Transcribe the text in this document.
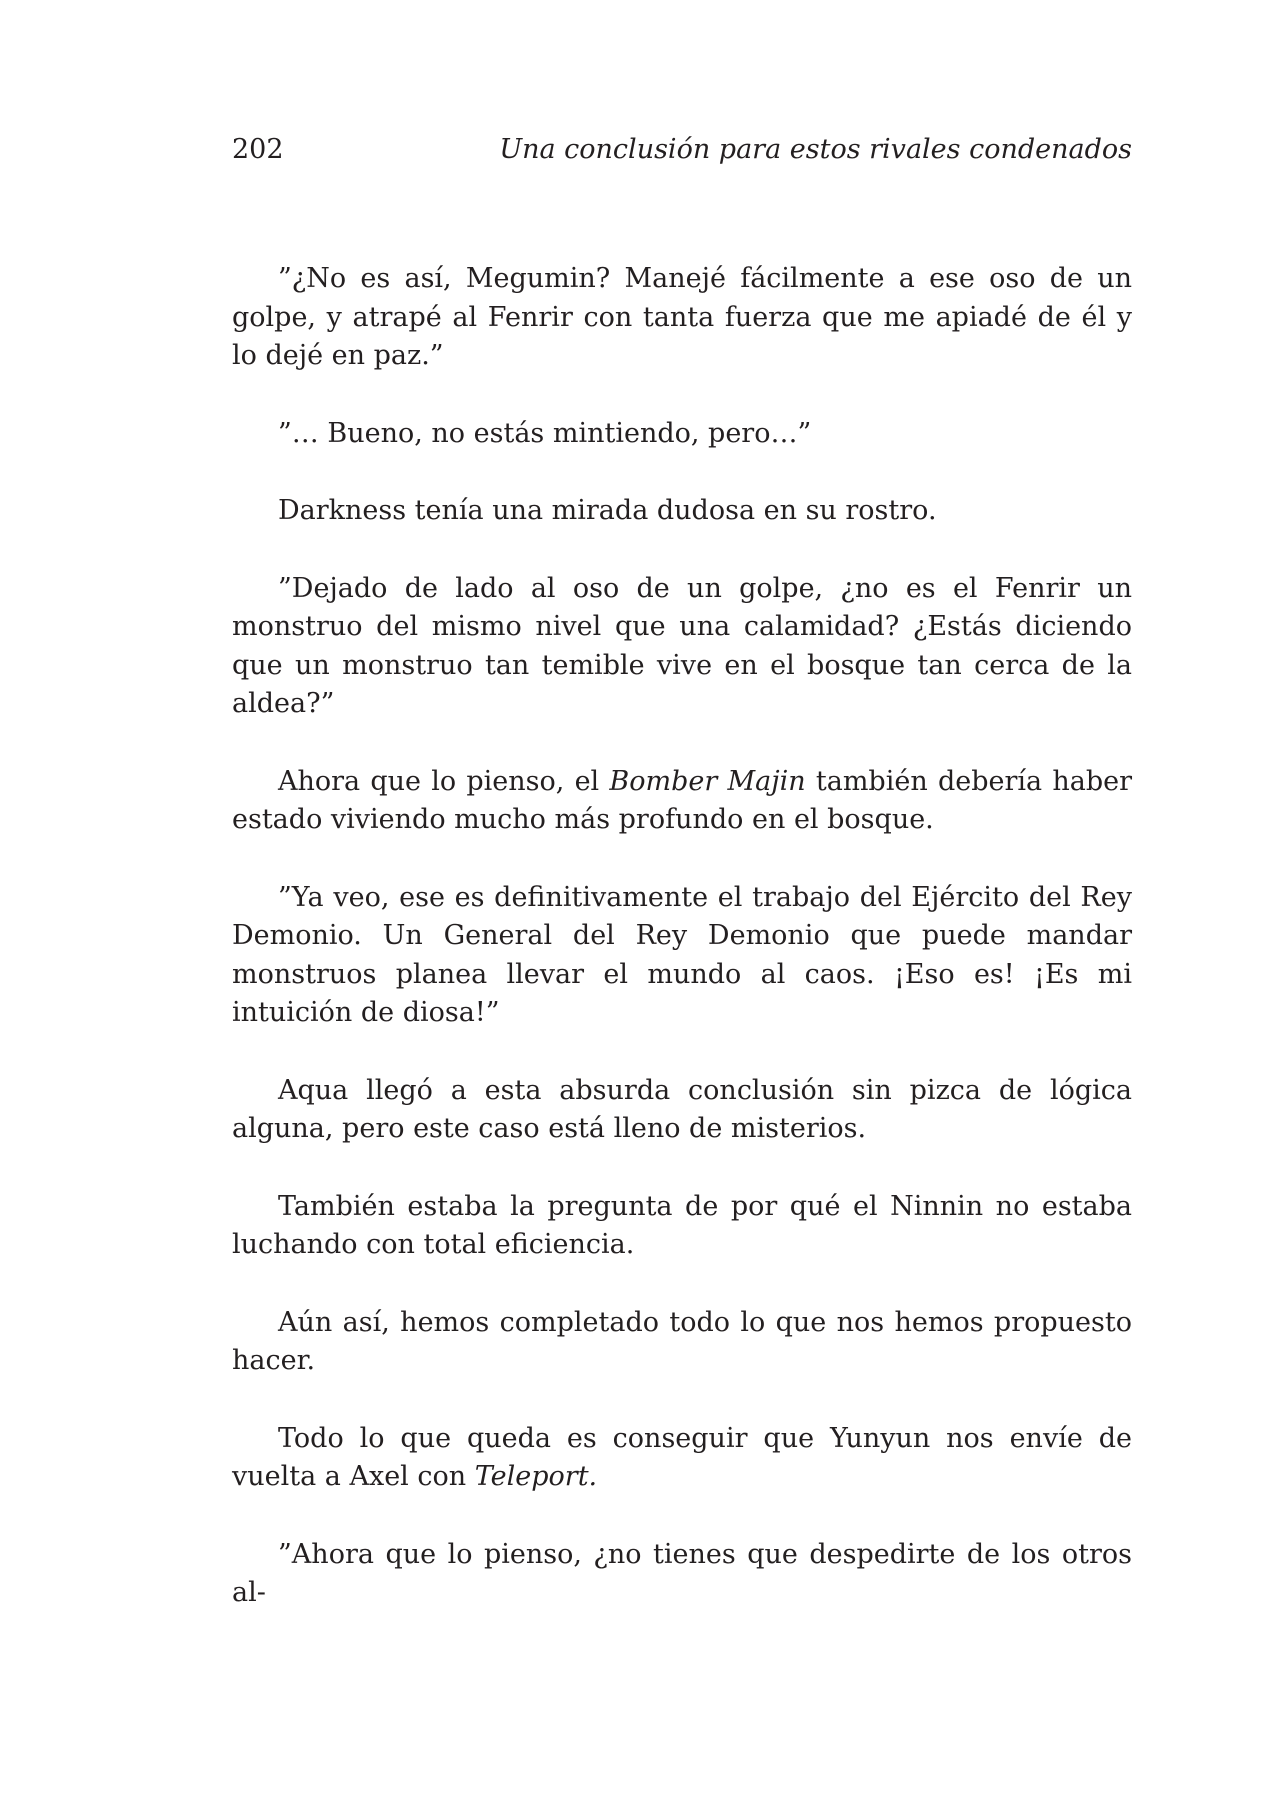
202	Una conclusión para estos rivales condenados

”¿No es así, Megumin? Manejé fácilmente a ese oso de un golpe, y atrapé al Fenrir con tanta fuerza que me apiadé de él y lo dejé en paz.”

”… Bueno, no estás mintiendo, pero…”

Darkness tenía una mirada dudosa en su rostro.

”Dejado de lado al oso de un golpe, ¿no es el Fenrir un monstruo del mismo nivel que una calamidad? ¿Estás diciendo que un monstruo tan temible vive en el bosque tan cerca de la aldea?”

Ahora que lo pienso, el Bomber Majin también debería haber estado viviendo mucho más profundo en el bosque.

”Ya veo, ese es definitivamente el trabajo del Ejército del Rey Demonio. Un General del Rey Demonio que puede mandar monstruos planea llevar el mundo al caos. ¡Eso es! ¡Es mi intuición de diosa!”

Aqua llegó a esta absurda conclusión sin pizca de lógica alguna, pero este caso está lleno de misterios.

También estaba la pregunta de por qué el Ninnin no estaba luchando con total eficiencia.

Aún así, hemos completado todo lo que nos hemos propuesto hacer.

Todo lo que queda es conseguir que Yunyun nos envíe de vuelta a Axel con Teleport.

”Ahora que lo pienso, ¿no tienes que despedirte de los otros al-
